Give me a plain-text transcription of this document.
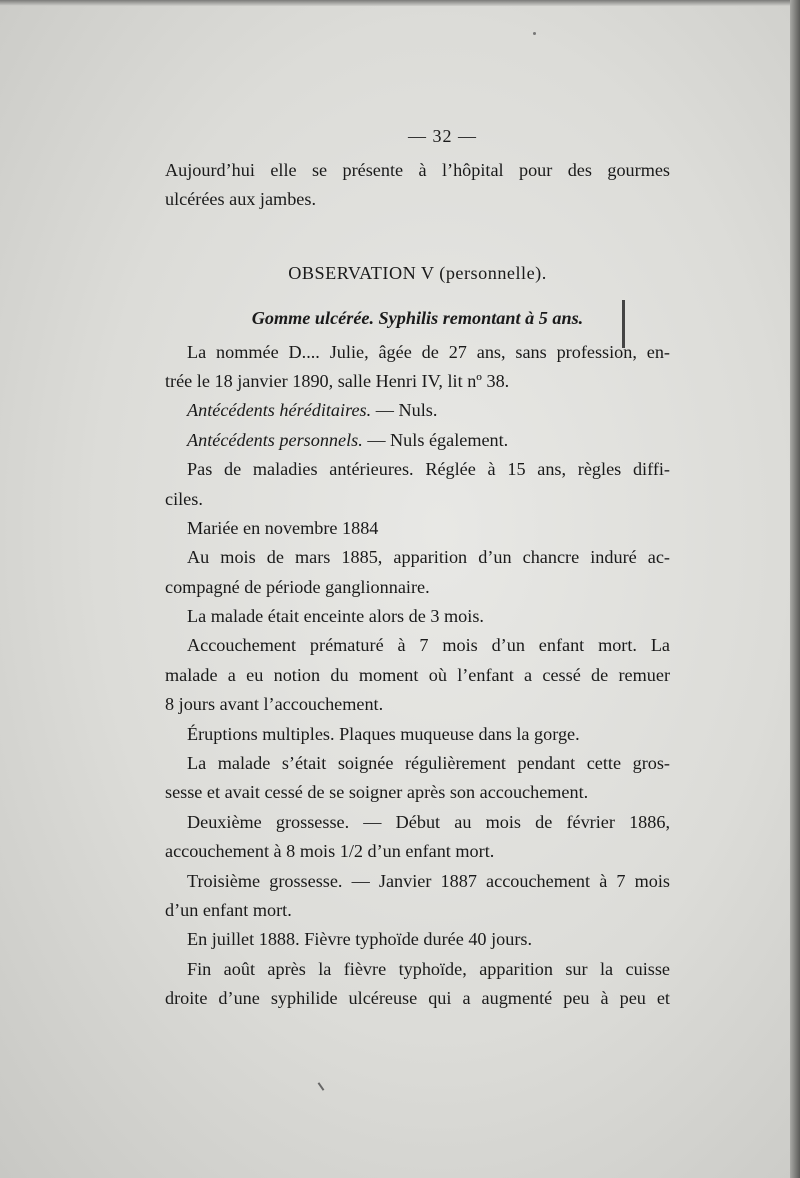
— 32 —
Aujourd’hui elle se présente à l’hôpital pour des gourmes
ulcérées aux jambes.
OBSERVATION V (personnelle).
Gomme ulcérée. Syphilis remontant à 5 ans.
La nommée D.... Julie, âgée de 27 ans, sans profession, en-
trée le 18 janvier 1890, salle Henri IV, lit nº 38.
Antécédents héréditaires. — Nuls.
Antécédents personnels. — Nuls également.
Pas de maladies antérieures. Réglée à 15 ans, règles diffi-
ciles.
Mariée en novembre 1884
Au mois de mars 1885, apparition d’un chancre induré ac-
compagné de période ganglionnaire.
La malade était enceinte alors de 3 mois.
Accouchement prématuré à 7 mois d’un enfant mort. La
malade a eu notion du moment où l’enfant a cessé de remuer
8 jours avant l’accouchement.
Éruptions multiples. Plaques muqueuse dans la gorge.
La malade s’était soignée régulièrement pendant cette gros-
sesse et avait cessé de se soigner après son accouchement.
Deuxième grossesse. — Début au mois de février 1886,
accouchement à 8 mois 1/2 d’un enfant mort.
Troisième grossesse. — Janvier 1887 accouchement à 7 mois
d’un enfant mort.
En juillet 1888. Fièvre typhoïde durée 40 jours.
Fin août après la fièvre typhoïde, apparition sur la cuisse
droite d’une syphilide ulcéreuse qui a augmenté peu à peu et
